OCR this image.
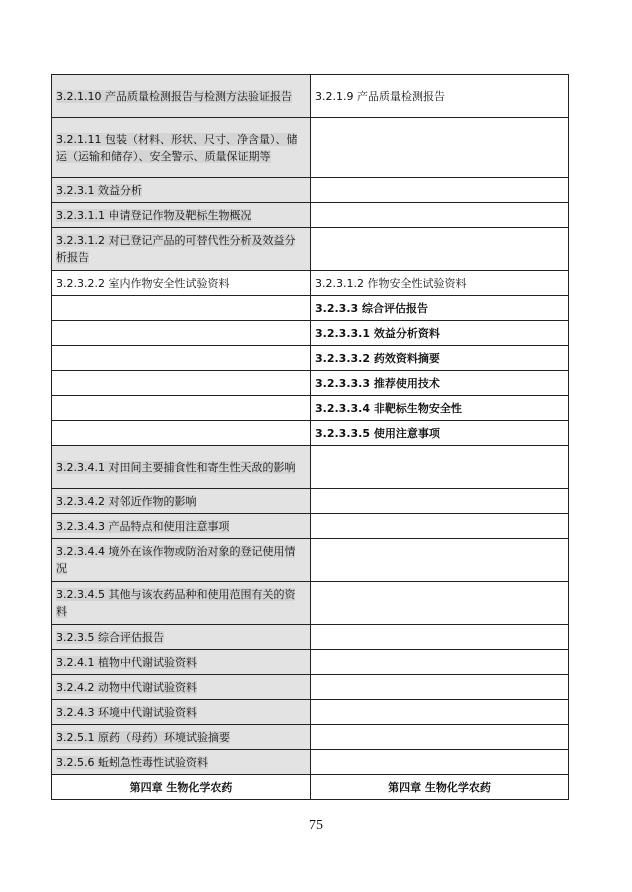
3.2.1.10 产品质量检测报告与检测方法验证报告	3.2.1.9 产品质量检测报告
3.2.1.11 包装（材料、形状、尺寸、净含量）、储运（运输和储存）、安全警示、质量保证期等	
3.2.3.1 效益分析	
3.2.3.1.1 申请登记作物及靶标生物概况	
3.2.3.1.2 对已登记产品的可替代性分析及效益分析报告	
3.2.3.2.2 室内作物安全性试验资料	3.2.3.1.2 作物安全性试验资料
	3.2.3.3 综合评估报告
	3.2.3.3.1 效益分析资料
	3.2.3.3.2 药效资料摘要
	3.2.3.3.3 推荐使用技术
	3.2.3.3.4 非靶标生物安全性
	3.2.3.3.5 使用注意事项
3.2.3.4.1 对田间主要捕食性和寄生性天敌的影响	
3.2.3.4.2 对邻近作物的影响	
3.2.3.4.3 产品特点和使用注意事项	
3.2.3.4.4 境外在该作物或防治对象的登记使用情况	
3.2.3.4.5 其他与该农药品种和使用范围有关的资料	
3.2.3.5 综合评估报告	
3.2.4.1 植物中代谢试验资料	
3.2.4.2 动物中代谢试验资料	
3.2.4.3 环境中代谢试验资料	
3.2.5.1 原药（母药）环境试验摘要	
3.2.5.6 蚯蚓急性毒性试验资料	
第四章 生物化学农药	第四章 生物化学农药
75
